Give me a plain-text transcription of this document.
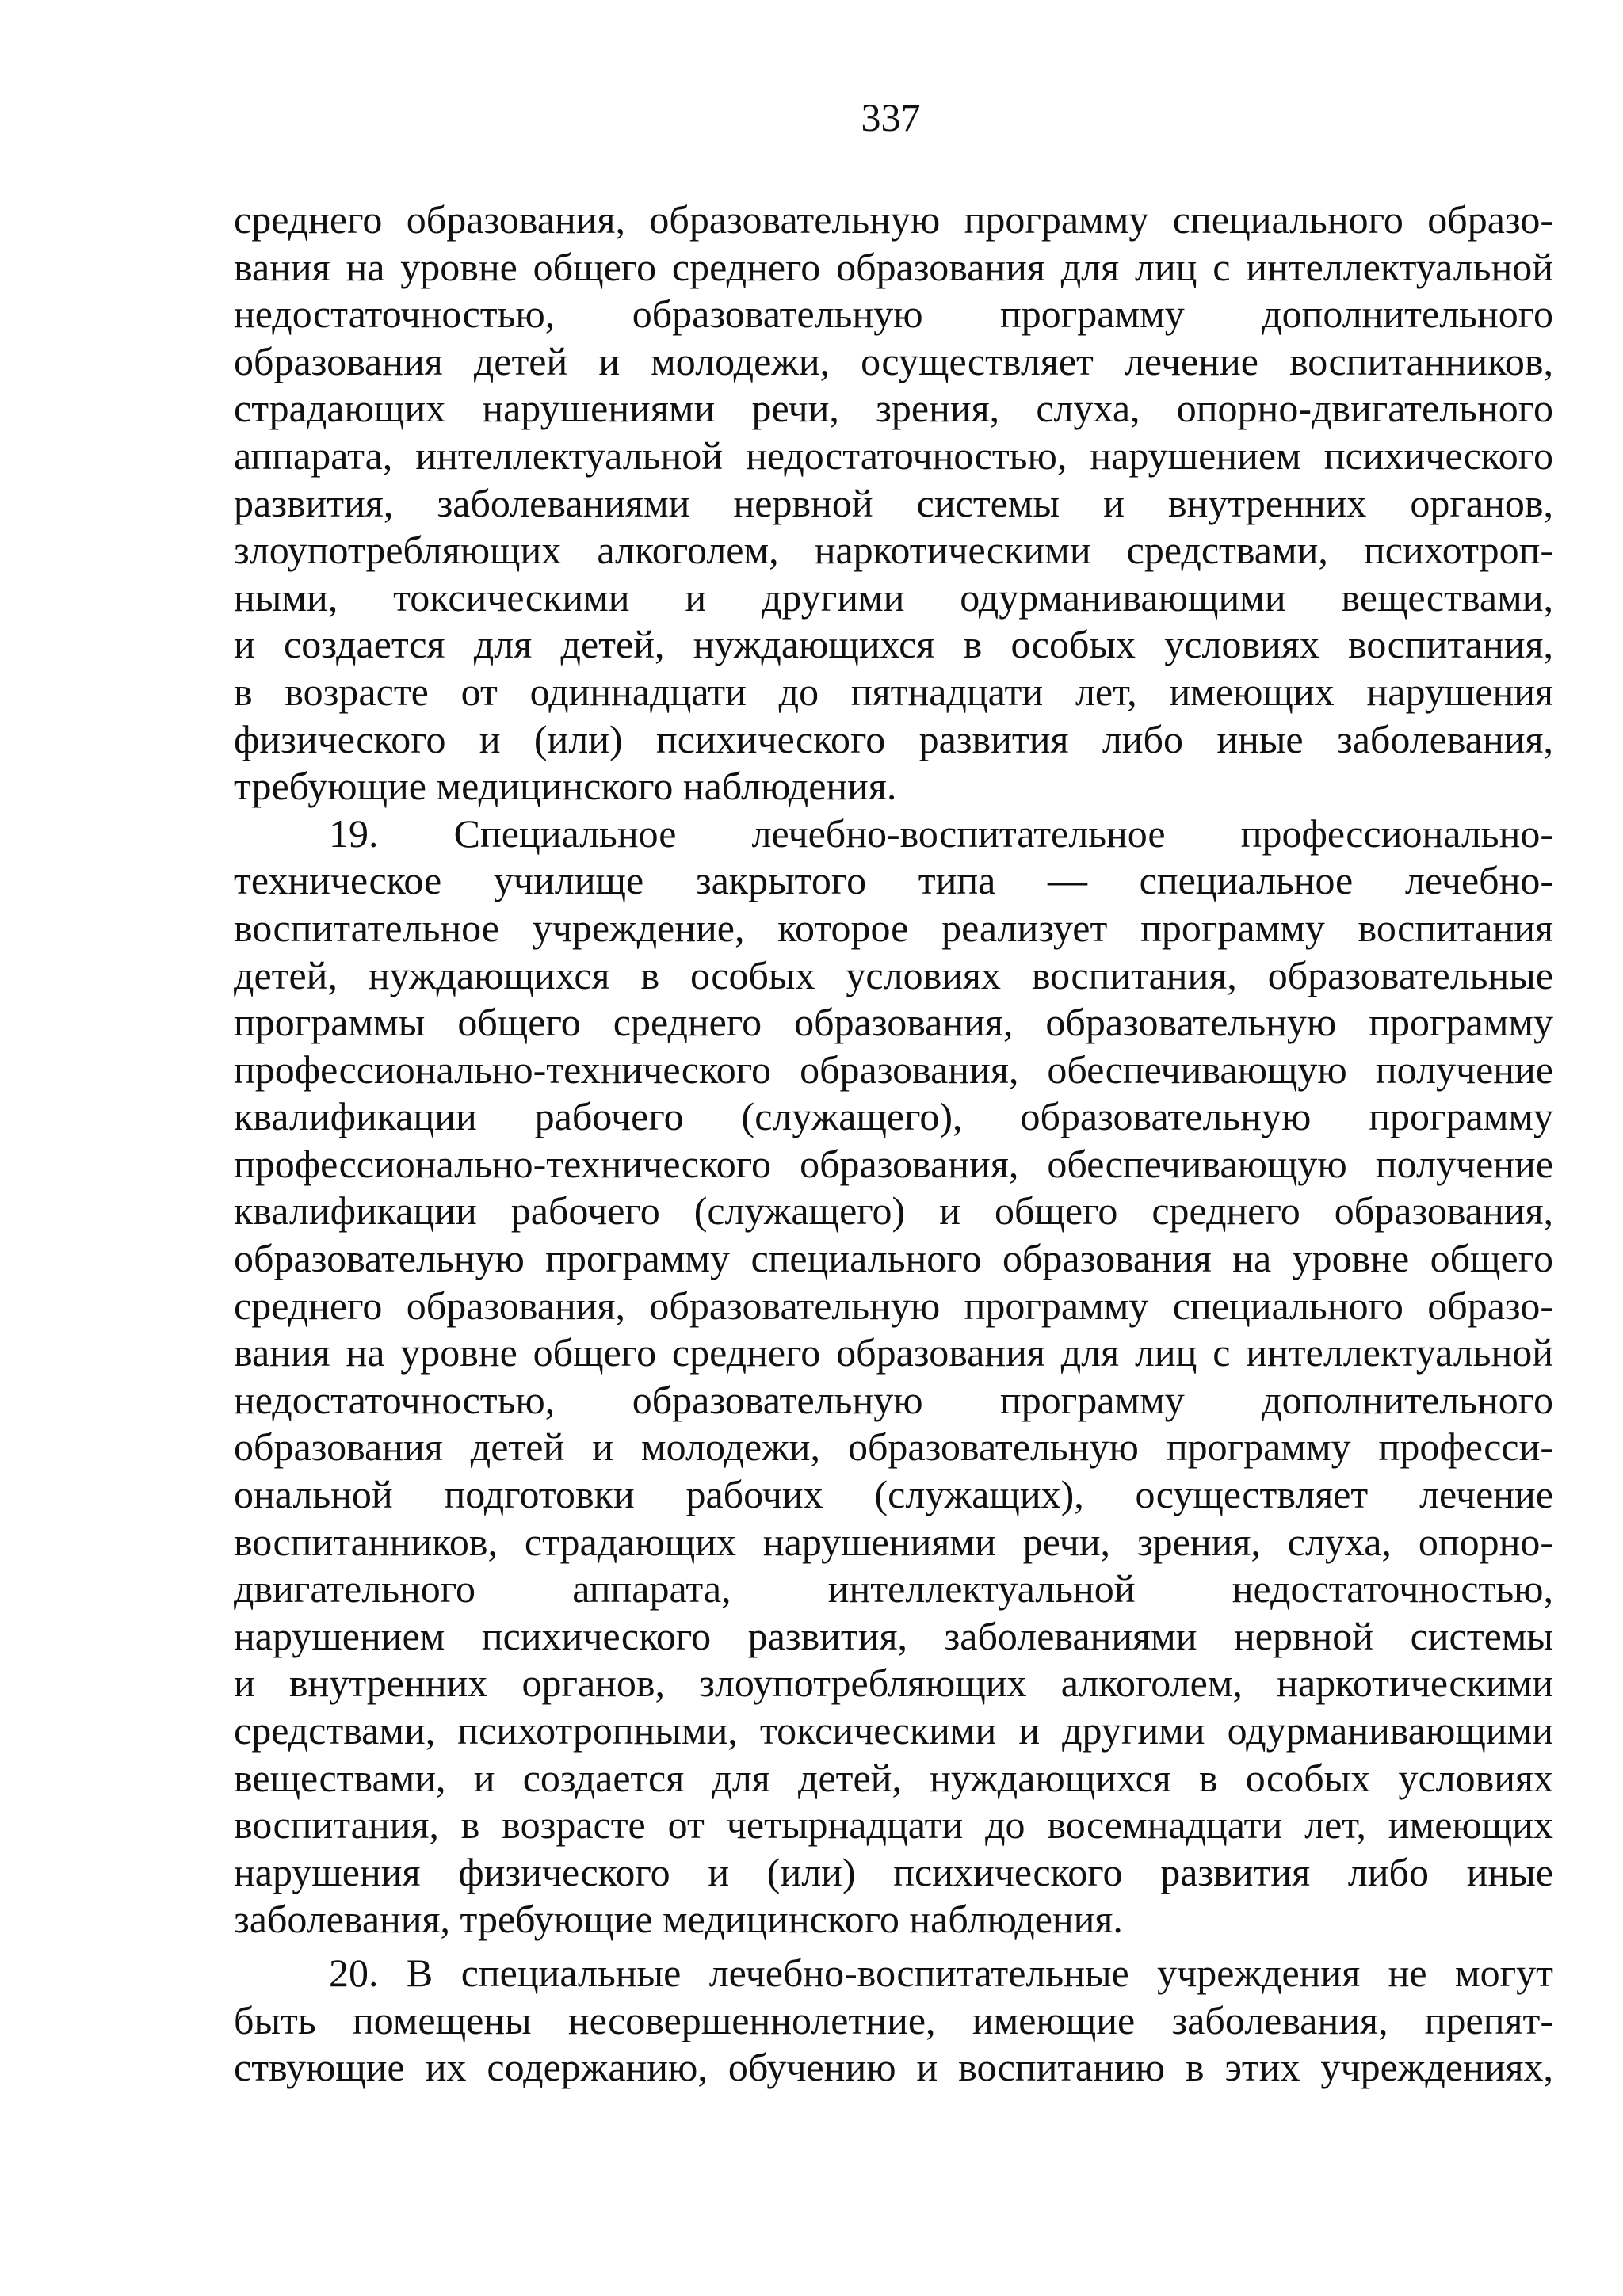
337
среднего образования, образовательную программу специального образо-
вания на уровне общего среднего образования для лиц с интеллектуальной
недостаточностью, образовательную программу дополнительного
образования детей и молодежи, осуществляет лечение воспитанников,
страдающих нарушениями речи, зрения, слуха, опорно-двигательного
аппарата, интеллектуальной недостаточностью, нарушением психического
развития, заболеваниями нервной системы и внутренних органов,
злоупотребляющих алкоголем, наркотическими средствами, психотроп-
ными, токсическими и другими одурманивающими веществами,
и создается для детей, нуждающихся в особых условиях воспитания,
в возрасте от одиннадцати до пятнадцати лет, имеющих нарушения
физического и (или) психического развития либо иные заболевания,
требующие медицинского наблюдения.
19. Специальное лечебно-воспитательное профессионально-
техническое училище закрытого типа — специальное лечебно-
воспитательное учреждение, которое реализует программу воспитания
детей, нуждающихся в особых условиях воспитания, образовательные
программы общего среднего образования, образовательную программу
профессионально-технического образования, обеспечивающую получение
квалификации рабочего (служащего), образовательную программу
профессионально-технического образования, обеспечивающую получение
квалификации рабочего (служащего) и общего среднего образования,
образовательную программу специального образования на уровне общего
среднего образования, образовательную программу специального образо-
вания на уровне общего среднего образования для лиц с интеллектуальной
недостаточностью, образовательную программу дополнительного
образования детей и молодежи, образовательную программу професси-
ональной подготовки рабочих (служащих), осуществляет лечение
воспитанников, страдающих нарушениями речи, зрения, слуха, опорно-
двигательного аппарата, интеллектуальной недостаточностью,
нарушением психического развития, заболеваниями нервной системы
и внутренних органов, злоупотребляющих алкоголем, наркотическими
средствами, психотропными, токсическими и другими одурманивающими
веществами, и создается для детей, нуждающихся в особых условиях
воспитания, в возрасте от четырнадцати до восемнадцати лет, имеющих
нарушения физического и (или) психического развития либо иные
заболевания, требующие медицинского наблюдения.
20. В специальные лечебно-воспитательные учреждения не могут
быть помещены несовершеннолетние, имеющие заболевания, препят-
ствующие их содержанию, обучению и воспитанию в этих учреждениях,
